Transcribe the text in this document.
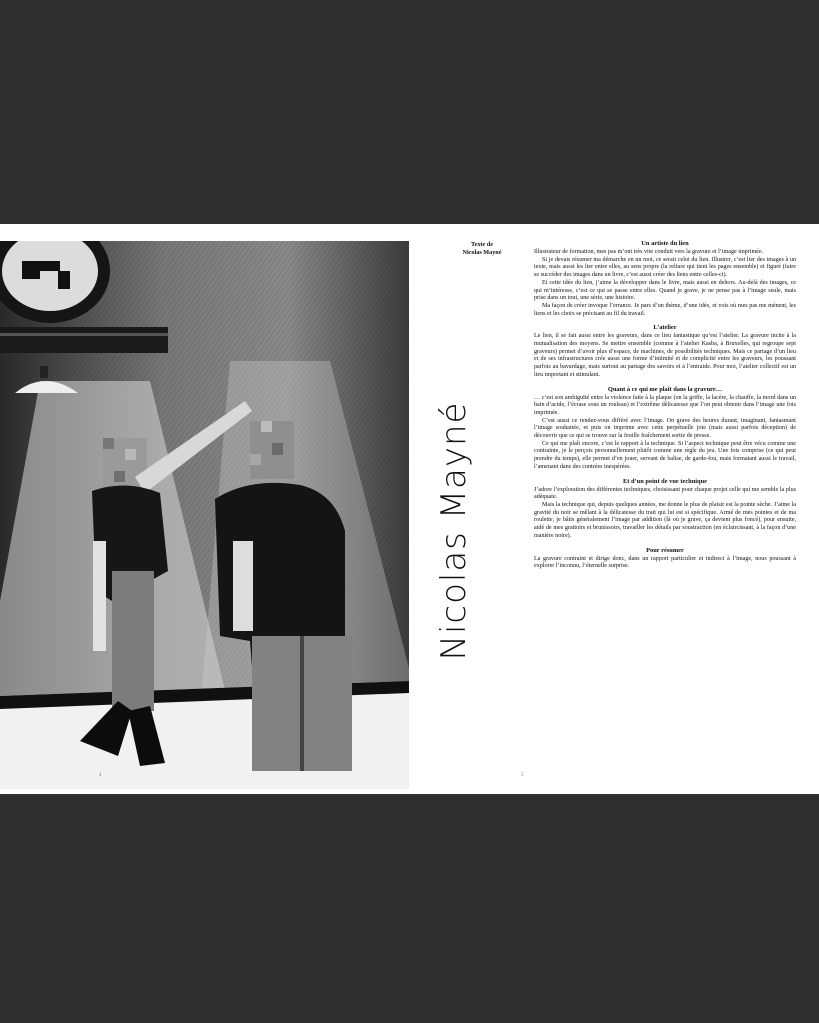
4	5
Texte de
Nicolas Mayné
Nicolas Mayné
Un artiste du lien

Illustrateur de formation, mes pas m’ont très vite conduit vers la gravure et l’image imprimée.

Si je devais résumer ma démarche en un mot, ce serait celui du lien. Illustrer, c’est lier des images à un texte, mais aussi les lier entre elles, au sens propre (la reliure qui tient les pages ensemble) et figuré (faire se succéder des images dans un livre, c’est aussi créer des liens entre celles-ci).

Et cette idée du lien, j’aime la développer dans le livre, mais aussi en dehors. Au-delà des images, ce qui m’intéresse, c’est ce qui se passe entre elles. Quand je grave, je ne pense pas à l’image seule, mais prise dans un tout, une série, une histoire.

Ma façon de créer invoque l’errance. Je pars d’un thème, d’une idée, et vois où mes pas me mènent, les liens et les choix se précisant au fil du travail.

L’atelier

Le lien, il se fait aussi entre les graveurs, dans ce lieu fantastique qu’est l’atelier. La gravure incite à la mutualisation des moyens. Se mettre ensemble (comme à l’atelier Kasba, à Bruxelles, qui regroupe sept graveurs) permet d’avoir plus d’espace, de machines, de possibilités techniques. Mais ce partage d’un lieu et de ses infrastructures crée aussi une forme d’intimité et de complicité entre les graveurs, les poussant parfois au bavardage, mais surtout au partage des savoirs et à l’entraide. Pour moi, l’atelier collectif est un lieu important et stimulant.

Quant à ce qui me plaît dans la gravure…

… c’est son ambiguïté entre la violence faite à la plaque (on la griffe, la lacère, la chauffe, la mord dans un bain d’acide, l’écrase sous un rouleau) et l’extrême délicatesse que l’on peut obtenir dans l’image une fois imprimée.

C’est aussi ce rendez-vous différé avec l’image. On grave des heures durant, imaginant, fantasmant l’image souhaitée, et puis on imprime avec cette perpétuelle joie (mais aussi parfois déception) de découvrir que ce qui se trouve sur la feuille fraîchement sortie de presse.

Ce qui me plaît encore, c’est le rapport à la technique. Si l’aspect technique peut être vécu comme une contrainte, je le perçois personnellement plutôt comme une règle du jeu. Une fois comprise (ce qui peut prendre du temps), elle permet d’en jouer, servant de balise, de garde-fou, mais formatant aussi le travail, l’amenant dans des contrées inespérées.

Et d’un point de vue technique

J’adore l’exploration des différentes techniques, choisissant pour chaque projet celle qui me semble la plus adéquate.

Mais la technique qui, depuis quelques années, me donne le plus de plaisir est la pointe sèche. J’aime la gravité du noir se mêlant à la délicatesse du trait qui lui est si spécifique. Armé de mes pointes et de ma roulette, je bâtis généralement l’image par addition (là où je grave, ça devient plus foncé), pour ensuite, aidé de mes grattoirs et brunissoirs, travailler les détails par soustraction (en éclaircissant, à la façon d’une manière noire).

Pour résumer

La gravure contraint et dirige donc, dans un rapport particulier et indirect à l’image, nous poussant à explorer l’inconnu, l’éternelle surprise.
